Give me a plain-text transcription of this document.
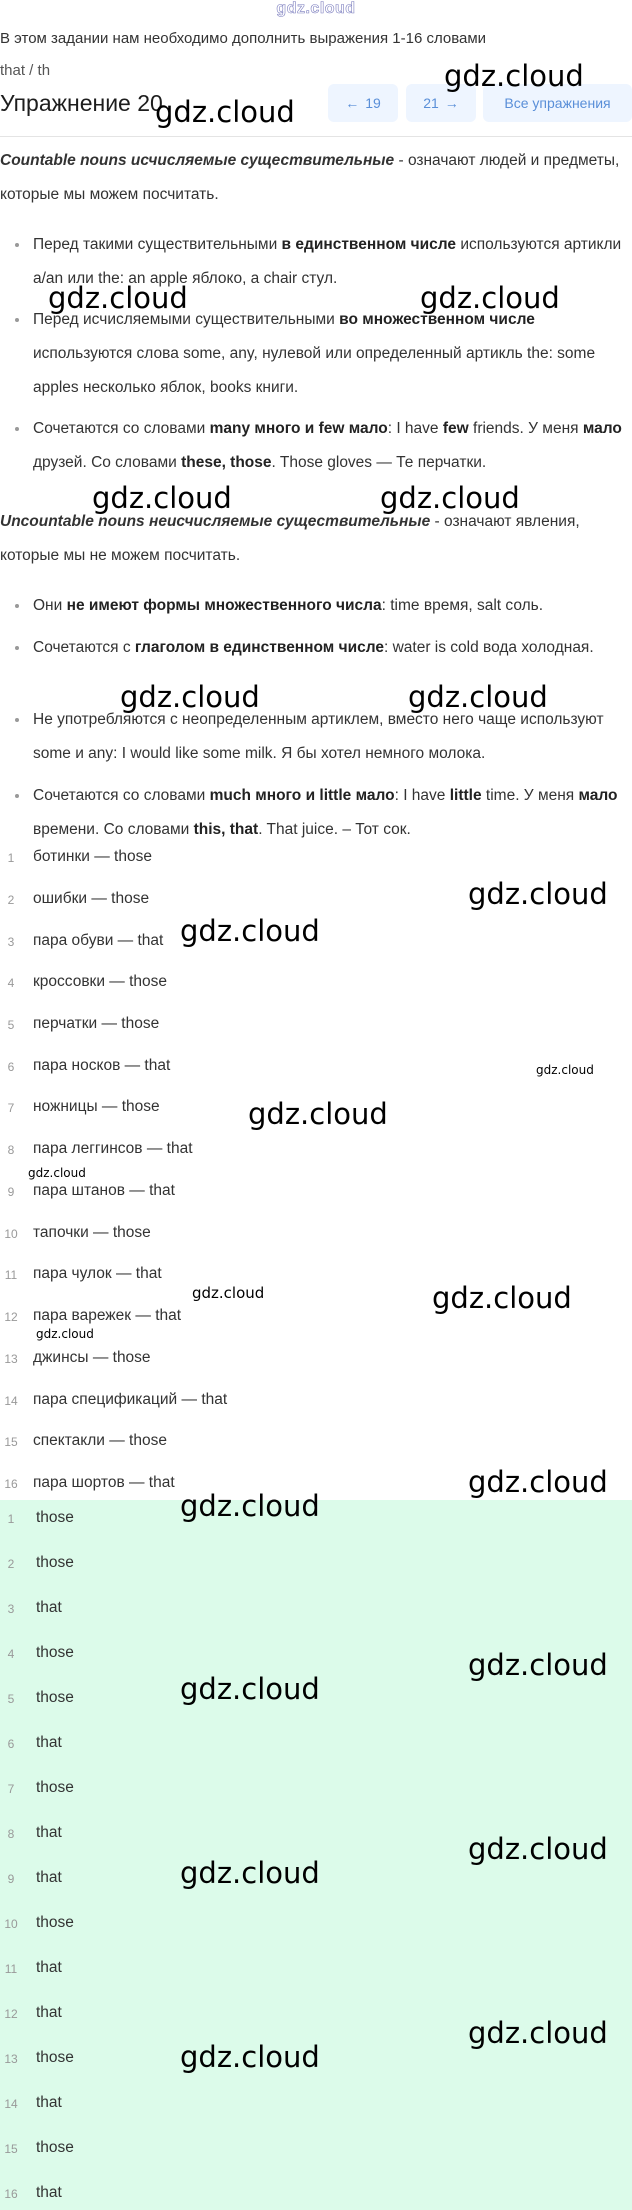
gdz.cloud
В этом задании нам необходимо дополнить выражения 1-16 словами
that / th
Упражнение 20	← 19	21 →	Все упражнения
Countable nouns исчисляемые существительные - означают людей и предметы, которые мы можем посчитать.
Перед такими существительными в единственном числе используются артикли a/an или the: an apple яблоко, a chair стул.
Перед исчисляемыми существительными во множественном числе используются слова some, any, нулевой или определенный артикль the: some apples несколько яблок, books книги.
Сочетаются со словами many много и few мало: I have few friends. У меня мало друзей. Со словами these, those. Those gloves — Те перчатки.
Uncountable nouns неисчисляемые существительные - означают явления, которые мы не можем посчитать.
Они не имеют формы множественного числа: time время, salt соль.
Сочетаются с глаголом в единственном числе: water is cold вода холодная.
Не употребляются с неопределенным артиклем, вместо него чаще используют some и any: I would like some milk. Я бы хотел немного молока.
Сочетаются со словами much много и little мало: I have little time. У меня мало времени. Со словами this, that. That juice. – Тот сок.
1	ботинки — those
2	ошибки — those
3	пара обуви — that
4	кроссовки — those
5	перчатки — those
6	пара носков — that
7	ножницы — those
8	пара леггинсов — that
9	пара штанов — that
10 тапочки — those
11	пара чулок — that
12 пара варежек — that
13 джинсы — those
14 пара спецификаций — that
15 спектакли — those
16 пара шортов — that
1	those
2	those
3	that
4	those
5	those
6	that
7	those
8	that
9	that
10 those
11	that
12 that
13 those
14 that
15 those
16 that
gdz.cloud
gdz.cloud
gdz.cloud	gdz.cloud
gdz.cloud	gdz.cloud
gdz.cloud	gdz.cloud
gdz.cloud
gdz.cloud
gdz.cloud
gdz.cloud
gdz.cloud
gdz.cloud	gdz.cloud
gdz.cloud
gdz.cloud
gdz.cloud
gdz.cloud
gdz.cloud
gdz.cloud
gdz.cloud
gdz.cloud
gdz.cloud
